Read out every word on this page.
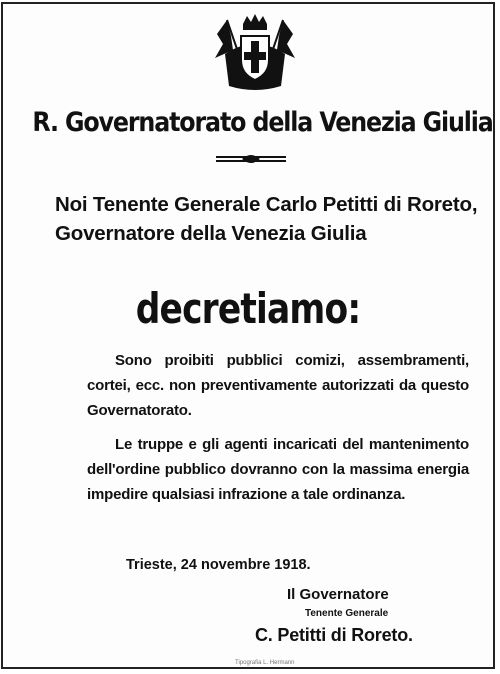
R. Governatorato della Venezia Giulia
Noi Tenente Generale Carlo Petitti di Roreto, Governatore della Venezia Giulia
decretiamo:
Sono proibiti pubblici comizi, assembramenti, cortei, ecc. non preventivamente autorizzati da questo Governatorato.
Le truppe e gli agenti incaricati del mantenimento dell'ordine pubblico dovranno con la massima energia impedire qualsiasi infrazione a tale ordinanza.
Trieste, 24 novembre 1918.
Il Governatore
Tenente Generale
C. Petitti di Roreto.
Tipografia L. Hermann
